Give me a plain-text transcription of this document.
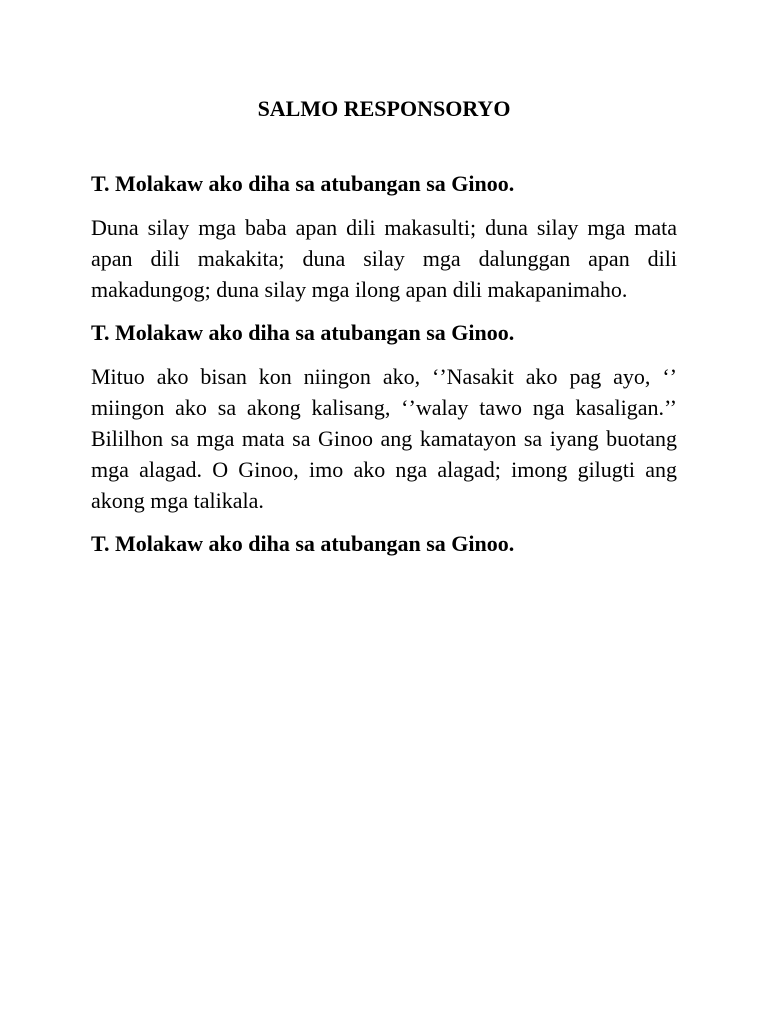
SALMO RESPONSORYO
T. Molakaw ako diha sa atubangan sa Ginoo.
Duna silay mga baba apan dili makasulti; duna silay mga mata apan dili makakita; duna silay mga dalunggan apan dili makadungog; duna silay mga ilong apan dili makapanimaho.
T. Molakaw ako diha sa atubangan sa Ginoo.
Mituo ako bisan kon niingon ako, ‘’Nasakit ako pag ayo, ‘’ miingon ako sa akong kalisang, ‘’walay tawo nga kasaligan.’’ Bililhon sa mga mata sa Ginoo ang kamatayon sa iyang buotang mga alagad. O Ginoo, imo ako nga alagad; imong gilugti ang akong mga talikala.
T. Molakaw ako diha sa atubangan sa Ginoo.
